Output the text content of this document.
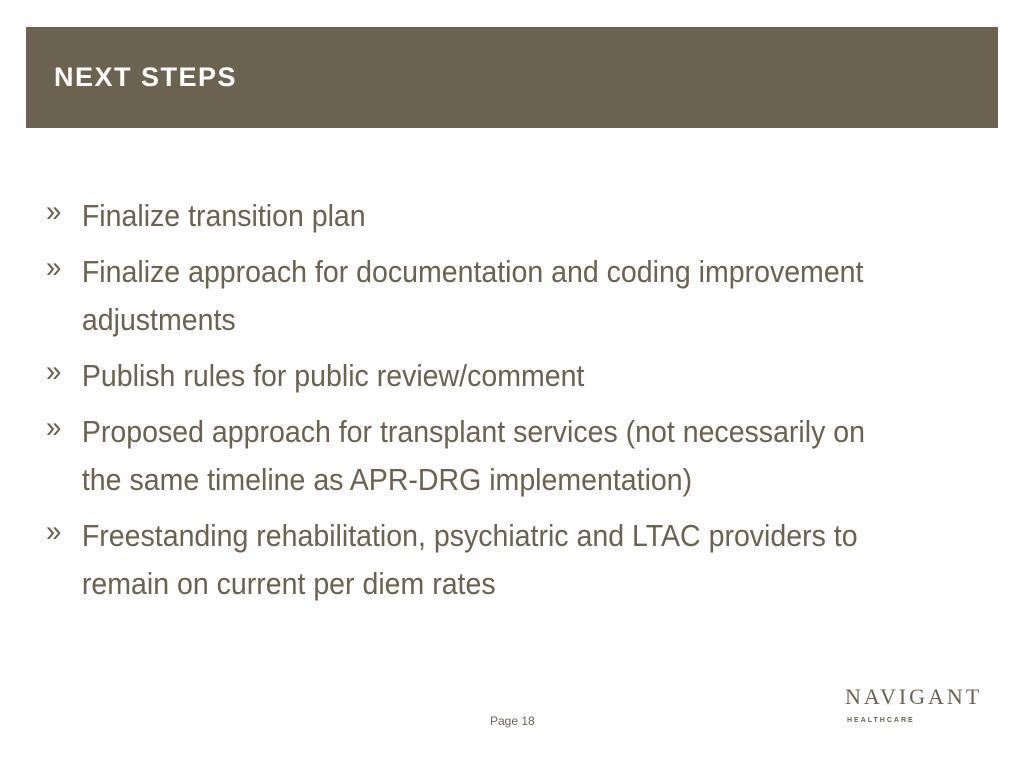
NEXT STEPS
» Finalize transition plan
» Finalize approach for documentation and coding improvement adjustments
» Publish rules for public review/comment
» Proposed approach for transplant services (not necessarily on the same timeline as APR-DRG implementation)
» Freestanding rehabilitation, psychiatric and LTAC providers to remain on current per diem rates
Page 18
NAVIGANT
HEALTHCARE
